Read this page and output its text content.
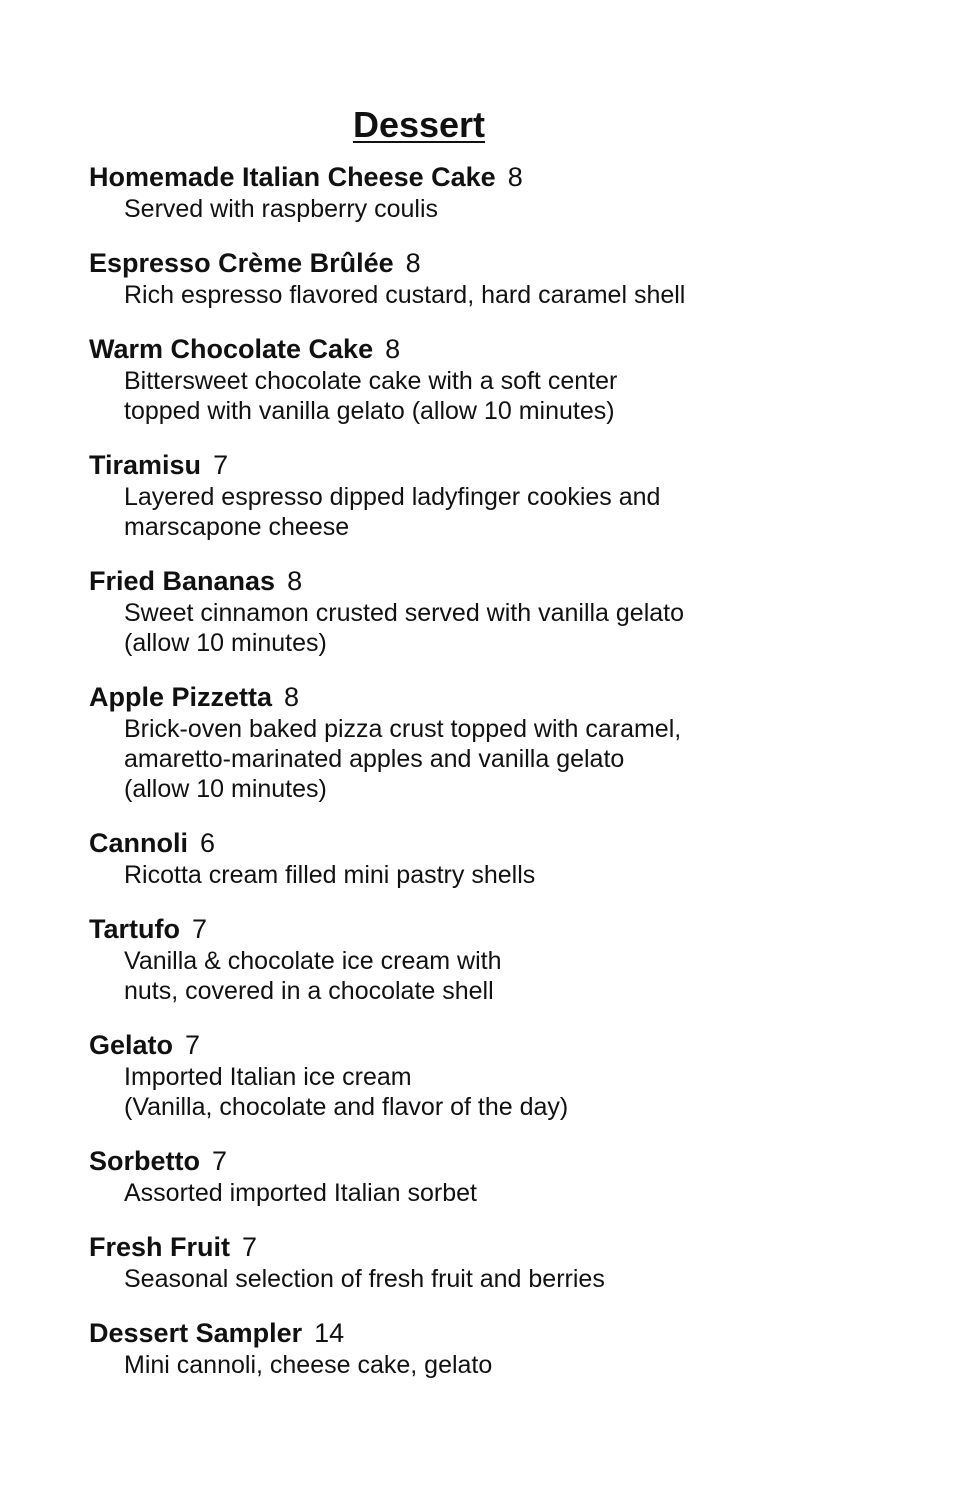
Dessert
Homemade Italian Cheese Cake 8
Served with raspberry coulis
Espresso Crème Brûlée 8
Rich espresso flavored custard, hard caramel shell
Warm Chocolate Cake 8
Bittersweet chocolate cake with a soft center
topped with vanilla gelato (allow 10 minutes)
Tiramisu 7
Layered espresso dipped ladyfinger cookies and
marscapone cheese
Fried Bananas 8
Sweet cinnamon crusted served with vanilla gelato
(allow 10 minutes)
Apple Pizzetta 8
Brick-oven baked pizza crust topped with caramel,
amaretto-marinated apples and vanilla gelato
(allow 10 minutes)
Cannoli 6
Ricotta cream filled mini pastry shells
Tartufo 7
Vanilla & chocolate ice cream with
nuts, covered in a chocolate shell
Gelato 7
Imported Italian ice cream
(Vanilla, chocolate and flavor of the day)
Sorbetto 7
Assorted imported Italian sorbet
Fresh Fruit 7
Seasonal selection of fresh fruit and berries
Dessert Sampler 14
Mini cannoli, cheese cake, gelato
